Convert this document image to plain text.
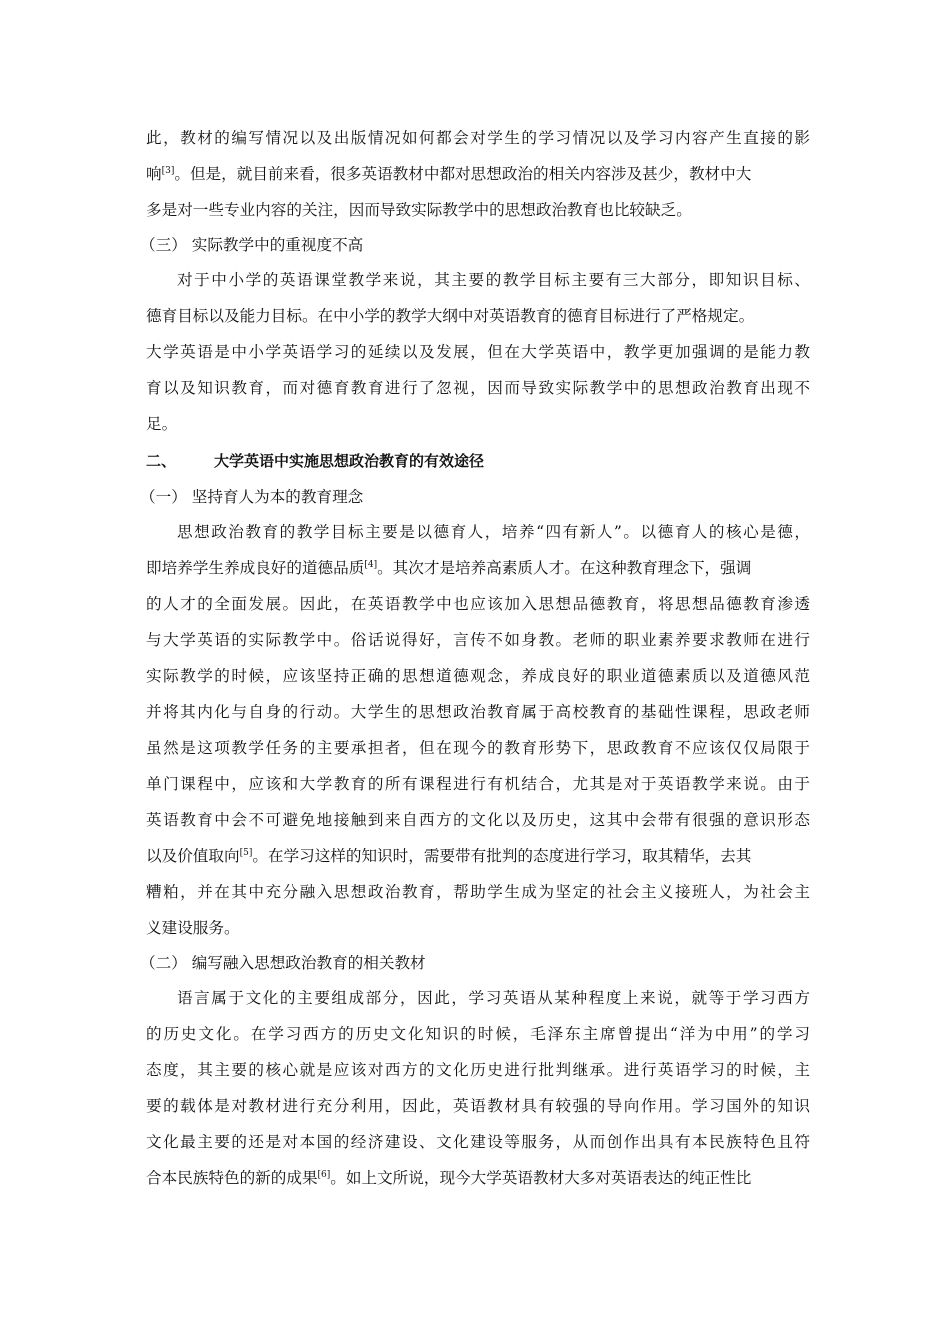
此，教材的编写情况以及出版情况如何都会对学生的学习情况以及学习内容产生直接的影
响[3]。但是，就目前来看，很多英语教材中都对思想政治的相关内容涉及甚少，教材中大
多是对一些专业内容的关注，因而导致实际教学中的思想政治教育也比较缺乏。
（三） 实际教学中的重视度不高
对于中小学的英语课堂教学来说，其主要的教学目标主要有三大部分，即知识目标、
德育目标以及能力目标。在中小学的教学大纲中对英语教育的德育目标进行了严格规定。
大学英语是中小学英语学习的延续以及发展，但在大学英语中，教学更加强调的是能力教
育以及知识教育，而对德育教育进行了忽视，因而导致实际教学中的思想政治教育出现不
足。
二、	大学英语中实施思想政治教育的有效途径
（一） 坚持育人为本的教育理念
思想政治教育的教学目标主要是以德育人，培养“四有新人”。以德育人的核心是德，
即培养学生养成良好的道德品质[4]。其次才是培养高素质人才。在这种教育理念下，强调
的人才的全面发展。因此，在英语教学中也应该加入思想品德教育，将思想品德教育渗透
与大学英语的实际教学中。俗话说得好，言传不如身教。老师的职业素养要求教师在进行
实际教学的时候，应该坚持正确的思想道德观念，养成良好的职业道德素质以及道德风范
并将其内化与自身的行动。大学生的思想政治教育属于高校教育的基础性课程，思政老师
虽然是这项教学任务的主要承担者，但在现今的教育形势下，思政教育不应该仅仅局限于
单门课程中，应该和大学教育的所有课程进行有机结合，尤其是对于英语教学来说。由于
英语教育中会不可避免地接触到来自西方的文化以及历史，这其中会带有很强的意识形态
以及价值取向[5]。在学习这样的知识时，需要带有批判的态度进行学习，取其精华，去其
糟粕，并在其中充分融入思想政治教育，帮助学生成为坚定的社会主义接班人，为社会主
义建设服务。
（二） 编写融入思想政治教育的相关教材
语言属于文化的主要组成部分，因此，学习英语从某种程度上来说，就等于学习西方
的历史文化。在学习西方的历史文化知识的时候，毛泽东主席曾提出“洋为中用”的学习
态度，其主要的核心就是应该对西方的文化历史进行批判继承。进行英语学习的时候，主
要的载体是对教材进行充分利用，因此，英语教材具有较强的导向作用。学习国外的知识
文化最主要的还是对本国的经济建设、文化建设等服务，从而创作出具有本民族特色且符
合本民族特色的新的成果[6]。如上文所说，现今大学英语教材大多对英语表达的纯正性比
